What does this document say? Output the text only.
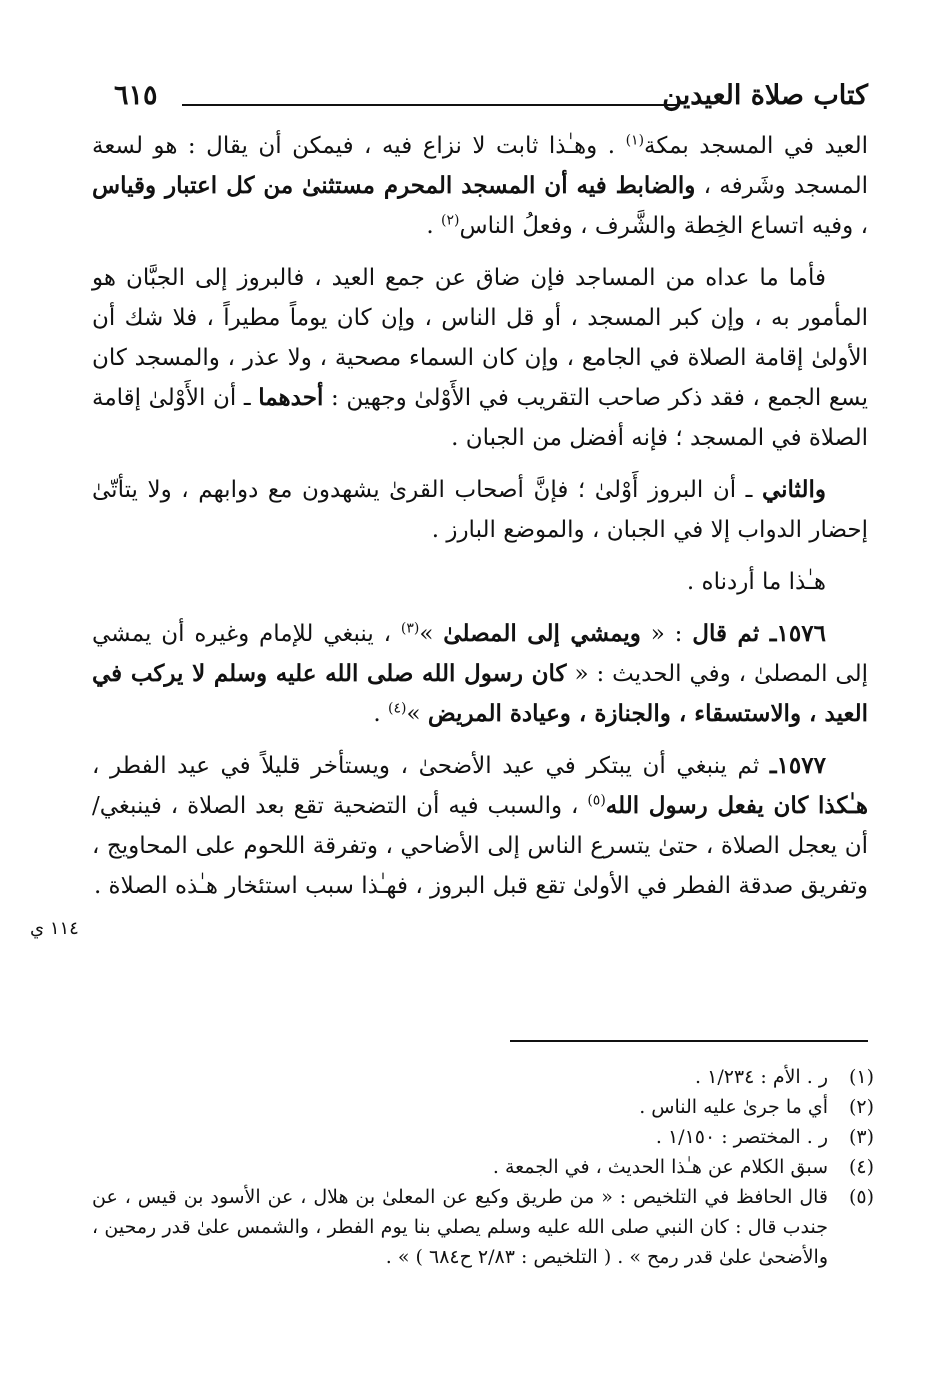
كتاب صلاة العيدين
٦١٥
١١٤ ي

العيد في المسجد بمكة$^{(١)}$ . وهـٰذا ثابت لا نزاع فيه ، فيمكن أن يقال : هو لسعة المسجد وشَرفه ، والضابط فيه أن المسجد المحرم مستثنىٰ من كل اعتبار وقياس ، وفيه اتساع الخِطة والشَّرف ، وفعلُ الناس$^{(٢)}$ .

فأما ما عداه من المساجد فإن ضاق عن جمع العيد ، فالبروز إلى الجبَّان هو المأمور به ، وإن كبر المسجد ، أو قل الناس ، وإن كان يوماً مطيراً ، فلا شك أن الأولىٰ إقامة الصلاة في الجامع ، وإن كان السماء مصحية ، ولا عذر ، والمسجد كان يسع الجمع ، فقد ذكر صاحب التقريب في الأَوْلىٰ وجهين : أحدهما ـ أن الأَوْلىٰ إقامة الصلاة في المسجد ؛ فإنه أفضل من الجبان .

والثاني ـ أن البروز أَوْلىٰ ؛ فإنَّ أصحاب القرىٰ يشهدون مع دوابهم ، ولا يتأتّىٰ إحضار الدواب إلا في الجبان ، والموضع البارز .

هـٰذا ما أردناه .

١٥٧٦ـ ثم قال : « ويمشي إلى المصلىٰ »$^{(٣)}$ ، ينبغي للإمام وغيره أن يمشي إلى المصلىٰ ، وفي الحديث : « كان رسول الله صلى الله عليه وسلم لا يركب في العيد ، والاستسقاء ، والجنازة ، وعيادة المريض »$^{(٤)}$ .

١٥٧٧ـ ثم ينبغي أن يبتكر في عيد الأضحىٰ ، ويستأخر قليلاً في عيد الفطر ، هـٰكذا كان يفعل رسول الله$^{(٥)}$ ، والسبب فيه أن التضحية تقع بعد الصلاة ، فينبغي/ أن يعجل الصلاة ، حتىٰ يتسرع الناس إلى الأضاحي ، وتفرقة اللحوم على المحاويج ، وتفريق صدقة الفطر في الأولىٰ تقع قبل البروز ، فهـٰذا سبب استئخار هـٰذه الصلاة .

(١)
ر . الأم : ١/٢٣٤ .
(٢)
أي ما جرىٰ عليه الناس .
(٣)
ر . المختصر : ١/١٥٠ .
(٤)
سبق الكلام عن هـٰذا الحديث ، في الجمعة .
(٥)
قال الحافظ في التلخيص : « من طريق وكيع عن المعلىٰ بن هلال ، عن الأسود بن قيس ، عن جندب قال : كان النبي صلى الله عليه وسلم يصلي بنا يوم الفطر ، والشمس علىٰ قدر رمحين ، والأضحىٰ علىٰ قدر رمح » . ( التلخيص : ٢/٨٣ ح٦٨٤ ) » .
